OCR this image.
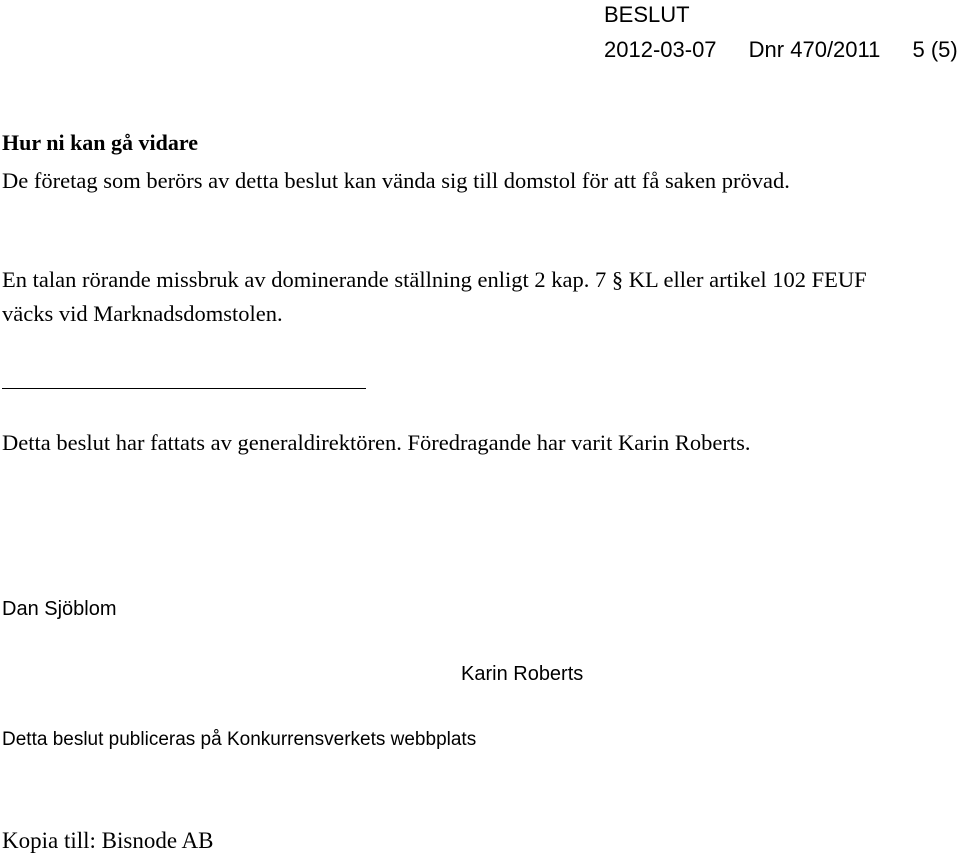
BESLUT
2012-03-07 Dnr 470/2011 5 (5)
Hur ni kan gå vidare
De företag som berörs av detta beslut kan vända sig till domstol för att få saken prövad.
En talan rörande missbruk av dominerande ställning enligt 2 kap. 7 § KL eller artikel 102 FEUF väcks vid Marknadsdomstolen.
Detta beslut har fattats av generaldirektören. Föredragande har varit Karin Roberts.
Dan Sjöblom
Karin Roberts
Detta beslut publiceras på Konkurrensverkets webbplats
Kopia till: Bisnode AB
